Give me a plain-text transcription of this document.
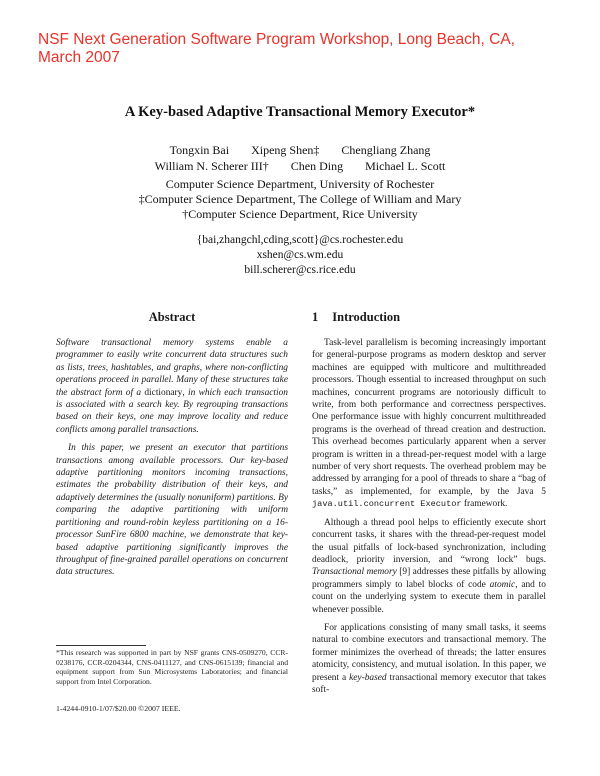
NSF Next Generation Software Program Workshop, Long Beach, CA,
March 2007
A Key-based Adaptive Transactional Memory Executor*
Tongxin Bai Xipeng Shen‡ Chengliang Zhang
William N. Scherer III† Chen Ding Michael L. Scott
Computer Science Department, University of Rochester
‡Computer Science Department, The College of William and Mary
†Computer Science Department, Rice University
{bai,zhangchl,cding,scott}@cs.rochester.edu
xshen@cs.wm.edu
bill.scherer@cs.rice.edu
Abstract

Software transactional memory systems enable a programmer to easily write concurrent data structures such as lists, trees, hashtables, and graphs, where non-conflicting operations proceed in parallel. Many of these structures take the abstract form of a dictionary, in which each transaction is associated with a search key. By regrouping transactions based on their keys, one may improve locality and reduce conflicts among parallel transactions.

In this paper, we present an executor that partitions transactions among available processors. Our key-based adaptive partitioning monitors incoming transactions, estimates the probability distribution of their keys, and adaptively determines the (usually nonuniform) partitions. By comparing the adaptive partitioning with uniform partitioning and round-robin keyless partitioning on a 16-processor SunFire 6800 machine, we demonstrate that key-based adaptive partitioning significantly improves the throughput of fine-grained parallel operations on concurrent data structures.

1 Introduction

Task-level parallelism is becoming increasingly important for general-purpose programs as modern desktop and server machines are equipped with multicore and multithreaded processors. Though essential to increased throughput on such machines, concurrent programs are notoriously difficult to write, from both performance and correctness perspectives. One performance issue with highly concurrent multithreaded programs is the overhead of thread creation and destruction. This overhead becomes particularly apparent when a server program is written in a thread-per-request model with a large number of very short requests. The overhead problem may be addressed by arranging for a pool of threads to share a “bag of tasks,” as implemented, for example, by the Java 5 java.util.concurrent Executor framework.

Although a thread pool helps to efficiently execute short concurrent tasks, it shares with the thread-per-request model the usual pitfalls of lock-based synchronization, including deadlock, priority inversion, and “wrong lock” bugs. Transactional memory [9] addresses these pitfalls by allowing programmers simply to label blocks of code atomic, and to count on the underlying system to execute them in parallel whenever possible.

For applications consisting of many small tasks, it seems natural to combine executors and transactional memory. The former minimizes the overhead of threads; the latter ensures atomicity, consistency, and mutual isolation. In this paper, we present a key-based transactional memory executor that takes soft-

*This research was supported in part by NSF grants CNS-0509270, CCR-0238176, CCR-0204344, CNS-0411127, and CNS-0615139; financial and equipment support from Sun Microsystems Laboratories; and financial support from Intel Corporation.
1-4244-0910-1/07/$20.00 ©2007 IEEE.
